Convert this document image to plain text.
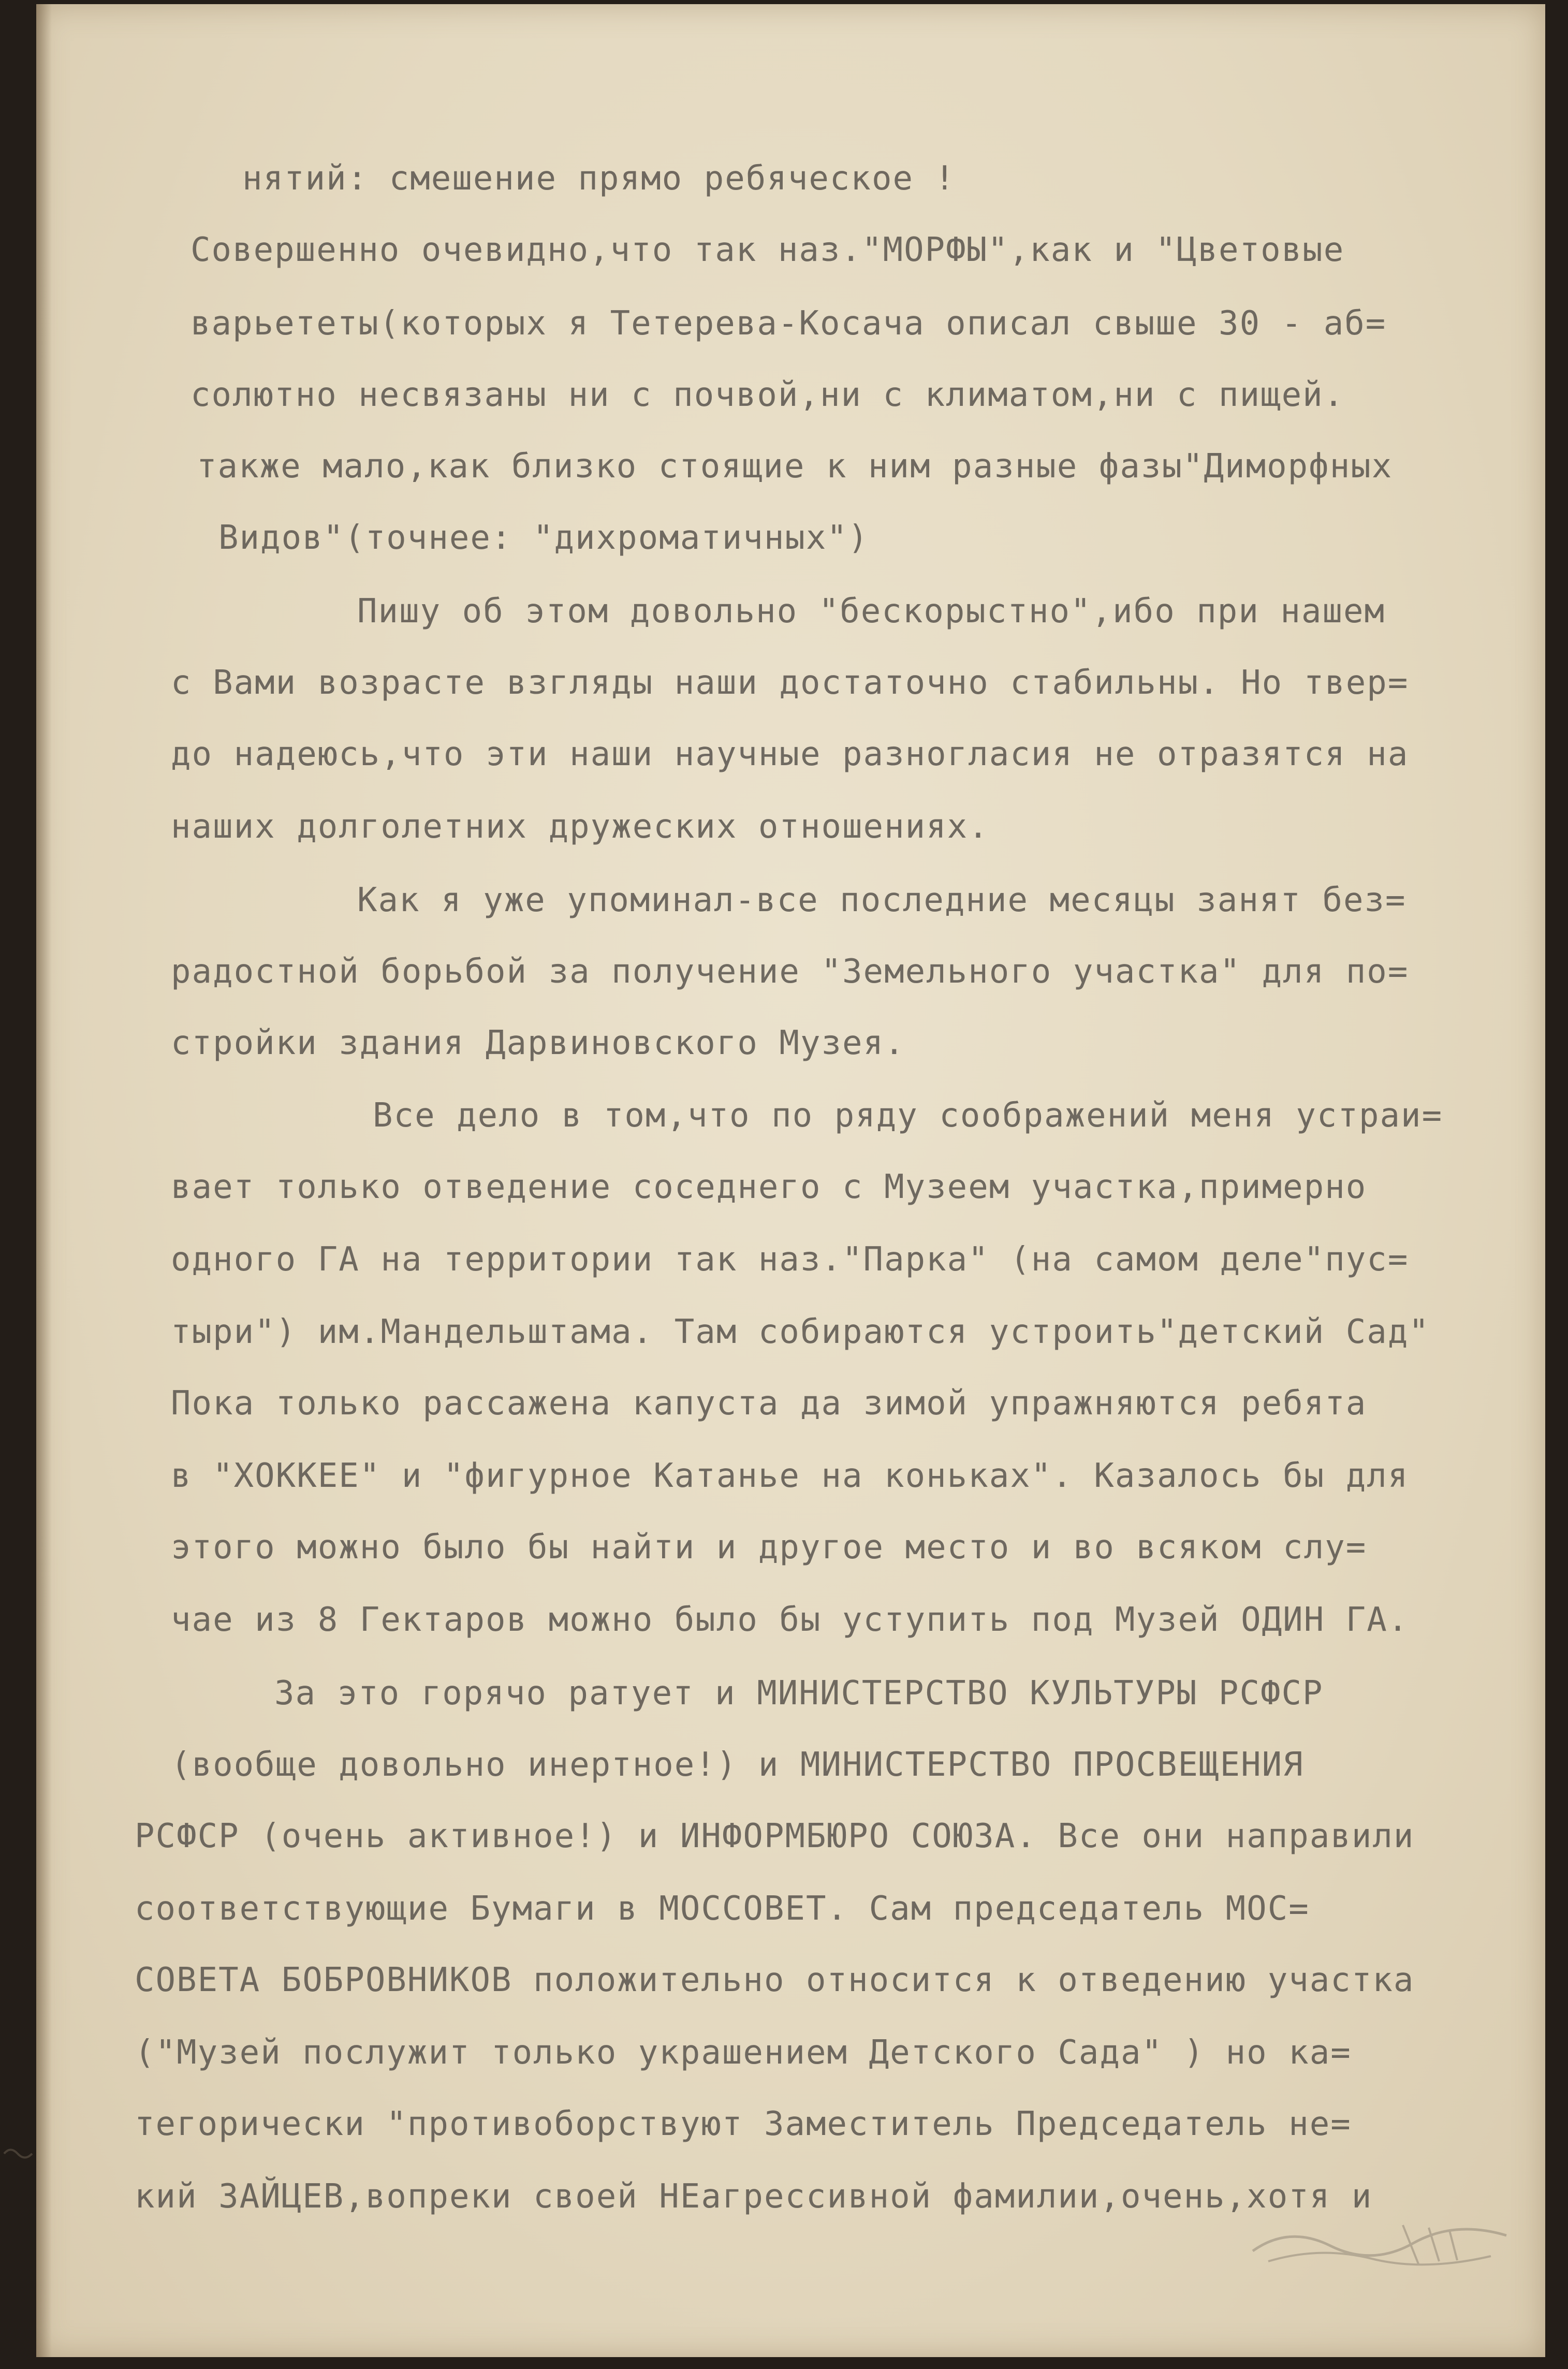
нятий: смешение прямо ребяческое !

Совершенно очевидно,что так наз."МОРФЫ",как и "Цветовые

варьететы(которых я Тетерева-Косача описал свыше 30 - аб=

солютно несвязаны ни с почвой,ни с климатом,ни с пищей.

также мало,как близко стоящие к ним разные фазы"Диморфных

Видов"(точнее: "дихроматичных")

Пишу об этом довольно "бескорыстно",ибо при нашем

с Вами возрасте взгляды наши достаточно стабильны. Но твер=

до надеюсь,что эти наши научные разногласия не отразятся на

наших долголетних дружеских отношениях.

Как я уже упоминал-все последние месяцы занят без=

радостной борьбой за получение "Земельного участка" для по=

стройки здания Дарвиновского Музея.

Все дело в том,что по ряду соображений меня устраи=

вает только отведение соседнего с Музеем участка,примерно

одного ГА на территории так наз."Парка" (на самом деле"пус=

тыри") им.Мандельштама. Там собираются устроить"детский Сад"

Пока только рассажена капуста да зимой упражняются ребята

в "ХОККЕЕ" и "фигурное Катанье на коньках". Казалось бы для

этого можно было бы найти и другое место и во всяком слу=

чае из 8 Гектаров можно было бы уступить под Музей ОДИН ГА.

За это горячо ратует и МИНИСТЕРСТВО КУЛЬТУРЫ РСФСР

(вообще довольно инертное!) и МИНИСТЕРСТВО ПРОСВЕЩЕНИЯ

РСФСР (очень активное!) и ИНФОРМБЮРО СОЮЗА. Все они направили

соответствующие Бумаги в МОССОВЕТ. Сам председатель МОС=

СОВЕТА БОБРОВНИКОВ положительно относится к отведению участка

("Музей послужит только украшением Детского Сада" ) но ка=

тегорически "противоборствуют Заместитель Председатель не=

кий ЗАЙЦЕВ,вопреки своей НЕагрессивной фамилии,очень,хотя и
